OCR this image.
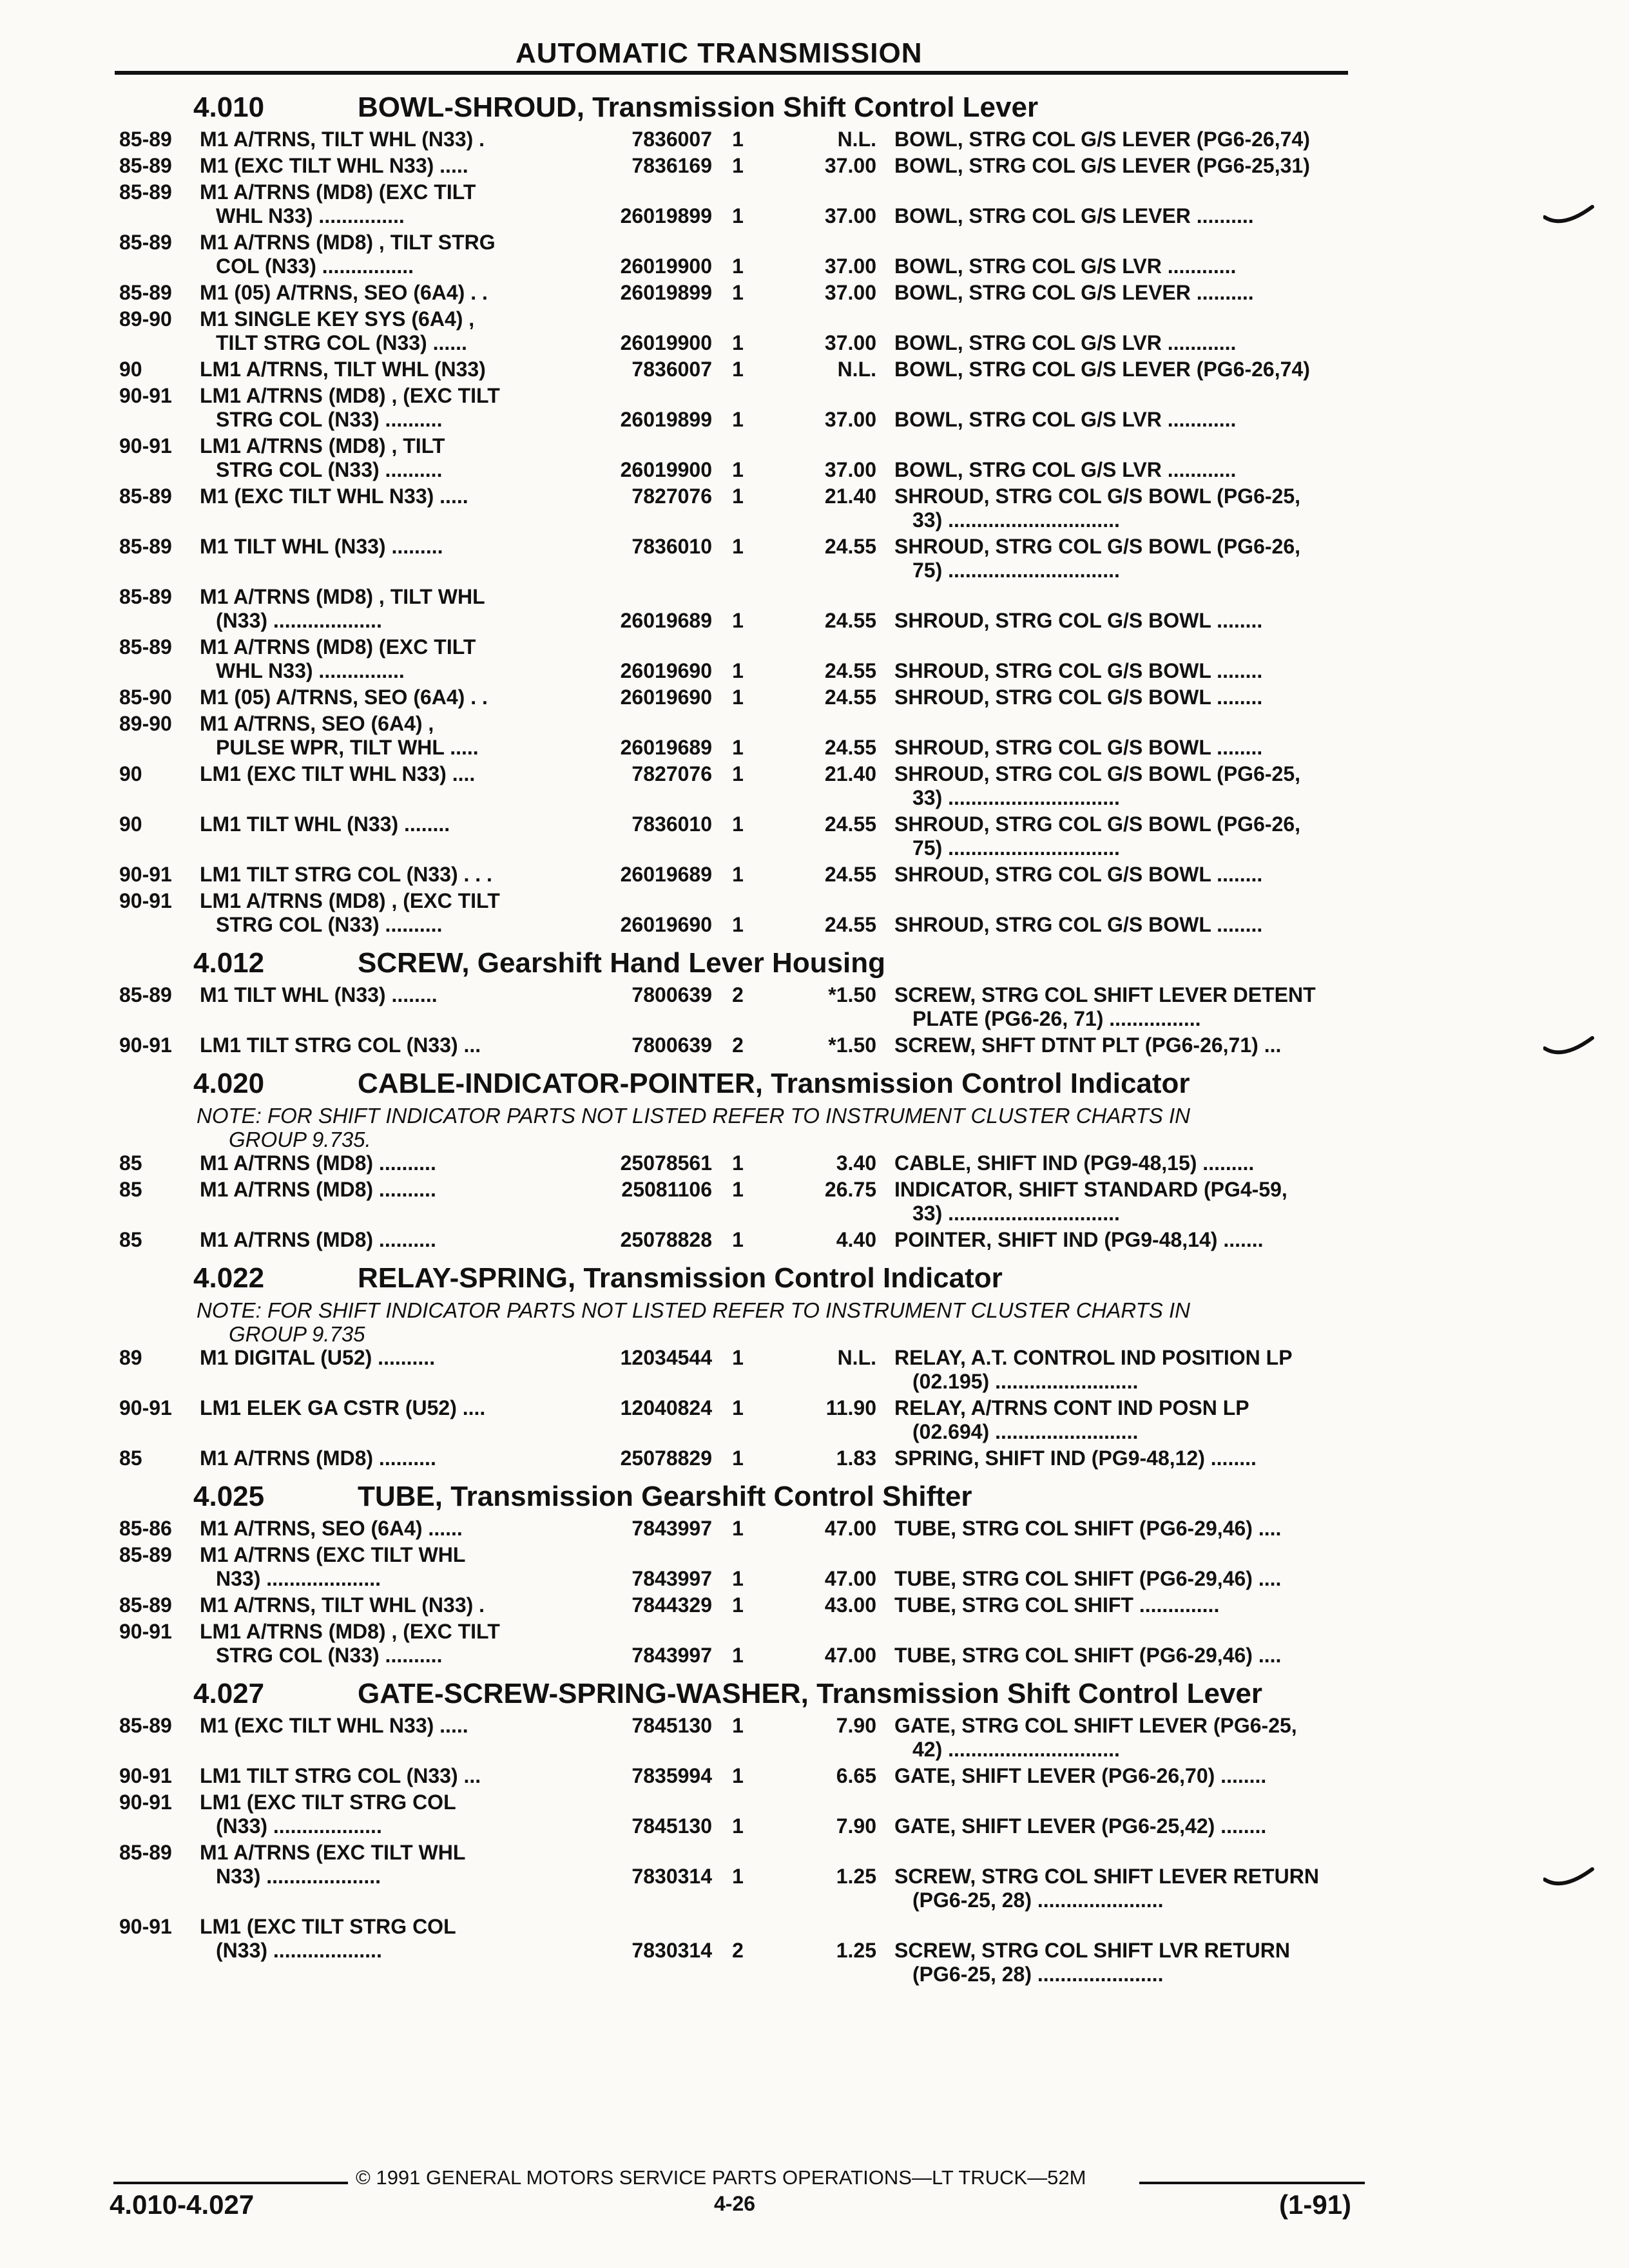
AUTOMATIC TRANSMISSION
4.010	BOWL-SHROUD, Transmission Shift Control Lever
85-89 M1 A/TRNS, TILT WHL (N33) .	7836007 1	N.L. BOWL, STRG COL G/S LEVER (PG6-26,74)
85-89 M1 (EXC TILT WHL N33) .....	7836169 1	37.00 BOWL, STRG COL G/S LEVER (PG6-25,31)
85-89 M1 A/TRNS (MD8) (EXC TILT
WHL N33) ...............	26019899 1	37.00 BOWL, STRG COL G/S LEVER ..........
85-89 M1 A/TRNS (MD8) , TILT STRG
COL (N33) ................	26019900 1	37.00 BOWL, STRG COL G/S LVR ............
85-89 M1 (05) A/TRNS, SEO (6A4) . .	26019899 1	37.00 BOWL, STRG COL G/S LEVER ..........
89-90 M1 SINGLE KEY SYS (6A4) ,
TILT STRG COL (N33) ......	26019900 1	37.00 BOWL, STRG COL G/S LVR ............
90	LM1 A/TRNS, TILT WHL (N33)	7836007 1	N.L. BOWL, STRG COL G/S LEVER (PG6-26,74)
90-91 LM1 A/TRNS (MD8) , (EXC TILT
STRG COL (N33) ..........	26019899 1	37.00 BOWL, STRG COL G/S LVR ............
90-91 LM1 A/TRNS (MD8) , TILT
STRG COL (N33) ..........	26019900 1	37.00 BOWL, STRG COL G/S LVR ............
85-89 M1 (EXC TILT WHL N33) .....	7827076 1	21.40 SHROUD, STRG COL G/S BOWL (PG6-25,
33) ..............................
85-89 M1 TILT WHL (N33) .........	7836010 1	24.55 SHROUD, STRG COL G/S BOWL (PG6-26,
75) ..............................
85-89 M1 A/TRNS (MD8) , TILT WHL
(N33) ...................	26019689 1	24.55 SHROUD, STRG COL G/S BOWL ........
85-89 M1 A/TRNS (MD8) (EXC TILT
WHL N33) ...............	26019690 1	24.55 SHROUD, STRG COL G/S BOWL ........
85-90 M1 (05) A/TRNS, SEO (6A4) . .	26019690 1	24.55 SHROUD, STRG COL G/S BOWL ........
89-90 M1 A/TRNS, SEO (6A4) ,
PULSE WPR, TILT WHL .....	26019689 1	24.55 SHROUD, STRG COL G/S BOWL ........
90	LM1 (EXC TILT WHL N33) ....	7827076 1	21.40 SHROUD, STRG COL G/S BOWL (PG6-25,
33) ..............................
90	LM1 TILT WHL (N33) ........	7836010 1	24.55 SHROUD, STRG COL G/S BOWL (PG6-26,
75) ..............................
90-91 LM1 TILT STRG COL (N33) . . .	26019689 1	24.55 SHROUD, STRG COL G/S BOWL ........
90-91 LM1 A/TRNS (MD8) , (EXC TILT
STRG COL (N33) ..........	26019690 1	24.55 SHROUD, STRG COL G/S BOWL ........
4.012	SCREW, Gearshift Hand Lever Housing
85-89 M1 TILT WHL (N33) ........	7800639 2	*1.50 SCREW, STRG COL SHIFT LEVER DETENT
PLATE (PG6-26, 71) ................
90-91 LM1 TILT STRG COL (N33) ...	7800639 2	*1.50 SCREW, SHFT DTNT PLT (PG6-26,71) ...
4.020	CABLE-INDICATOR-POINTER, Transmission Control Indicator
NOTE: FOR SHIFT INDICATOR PARTS NOT LISTED REFER TO INSTRUMENT CLUSTER CHARTS IN
GROUP 9.735.
85	M1 A/TRNS (MD8) ..........	25078561 1	3.40 CABLE, SHIFT IND (PG9-48,15) .........
85	M1 A/TRNS (MD8) ..........	25081106 1	26.75 INDICATOR, SHIFT STANDARD (PG4-59,
33) ..............................
85	M1 A/TRNS (MD8) ..........	25078828 1	4.40 POINTER, SHIFT IND (PG9-48,14) .......
4.022	RELAY-SPRING, Transmission Control Indicator
NOTE: FOR SHIFT INDICATOR PARTS NOT LISTED REFER TO INSTRUMENT CLUSTER CHARTS IN
GROUP 9.735
89	M1 DIGITAL (U52) ..........	12034544 1	N.L. RELAY, A.T. CONTROL IND POSITION LP
(02.195) .........................
90-91 LM1 ELEK GA CSTR (U52) ....	12040824 1	11.90 RELAY, A/TRNS CONT IND POSN LP
(02.694) .........................
85	M1 A/TRNS (MD8) ..........	25078829 1	1.83 SPRING, SHIFT IND (PG9-48,12) ........
4.025	TUBE, Transmission Gearshift Control Shifter
85-86 M1 A/TRNS, SEO (6A4) ......	7843997 1	47.00 TUBE, STRG COL SHIFT (PG6-29,46) ....
85-89 M1 A/TRNS (EXC TILT WHL
N33) ....................	7843997 1	47.00 TUBE, STRG COL SHIFT (PG6-29,46) ....
85-89 M1 A/TRNS, TILT WHL (N33) .	7844329 1	43.00 TUBE, STRG COL SHIFT ..............
90-91 LM1 A/TRNS (MD8) , (EXC TILT
STRG COL (N33) ..........	7843997 1	47.00 TUBE, STRG COL SHIFT (PG6-29,46) ....
4.027	GATE-SCREW-SPRING-WASHER, Transmission Shift Control Lever
85-89 M1 (EXC TILT WHL N33) .....	7845130 1	7.90 GATE, STRG COL SHIFT LEVER (PG6-25,
42) ..............................
90-91 LM1 TILT STRG COL (N33) ...	7835994 1	6.65 GATE, SHIFT LEVER (PG6-26,70) ........
90-91 LM1 (EXC TILT STRG COL
(N33) ...................	7845130 1	7.90 GATE, SHIFT LEVER (PG6-25,42) ........
85-89 M1 A/TRNS (EXC TILT WHL
N33) ....................	7830314 1	1.25 SCREW, STRG COL SHIFT LEVER RETURN
(PG6-25, 28) ......................
90-91 LM1 (EXC TILT STRG COL
(N33) ...................	7830314 2	1.25 SCREW, STRG COL SHIFT LVR RETURN
(PG6-25, 28) ......................
© 1991 GENERAL MOTORS SERVICE PARTS OPERATIONS—LT TRUCK—52M
4.010-4.027	4-26	(1-91)
